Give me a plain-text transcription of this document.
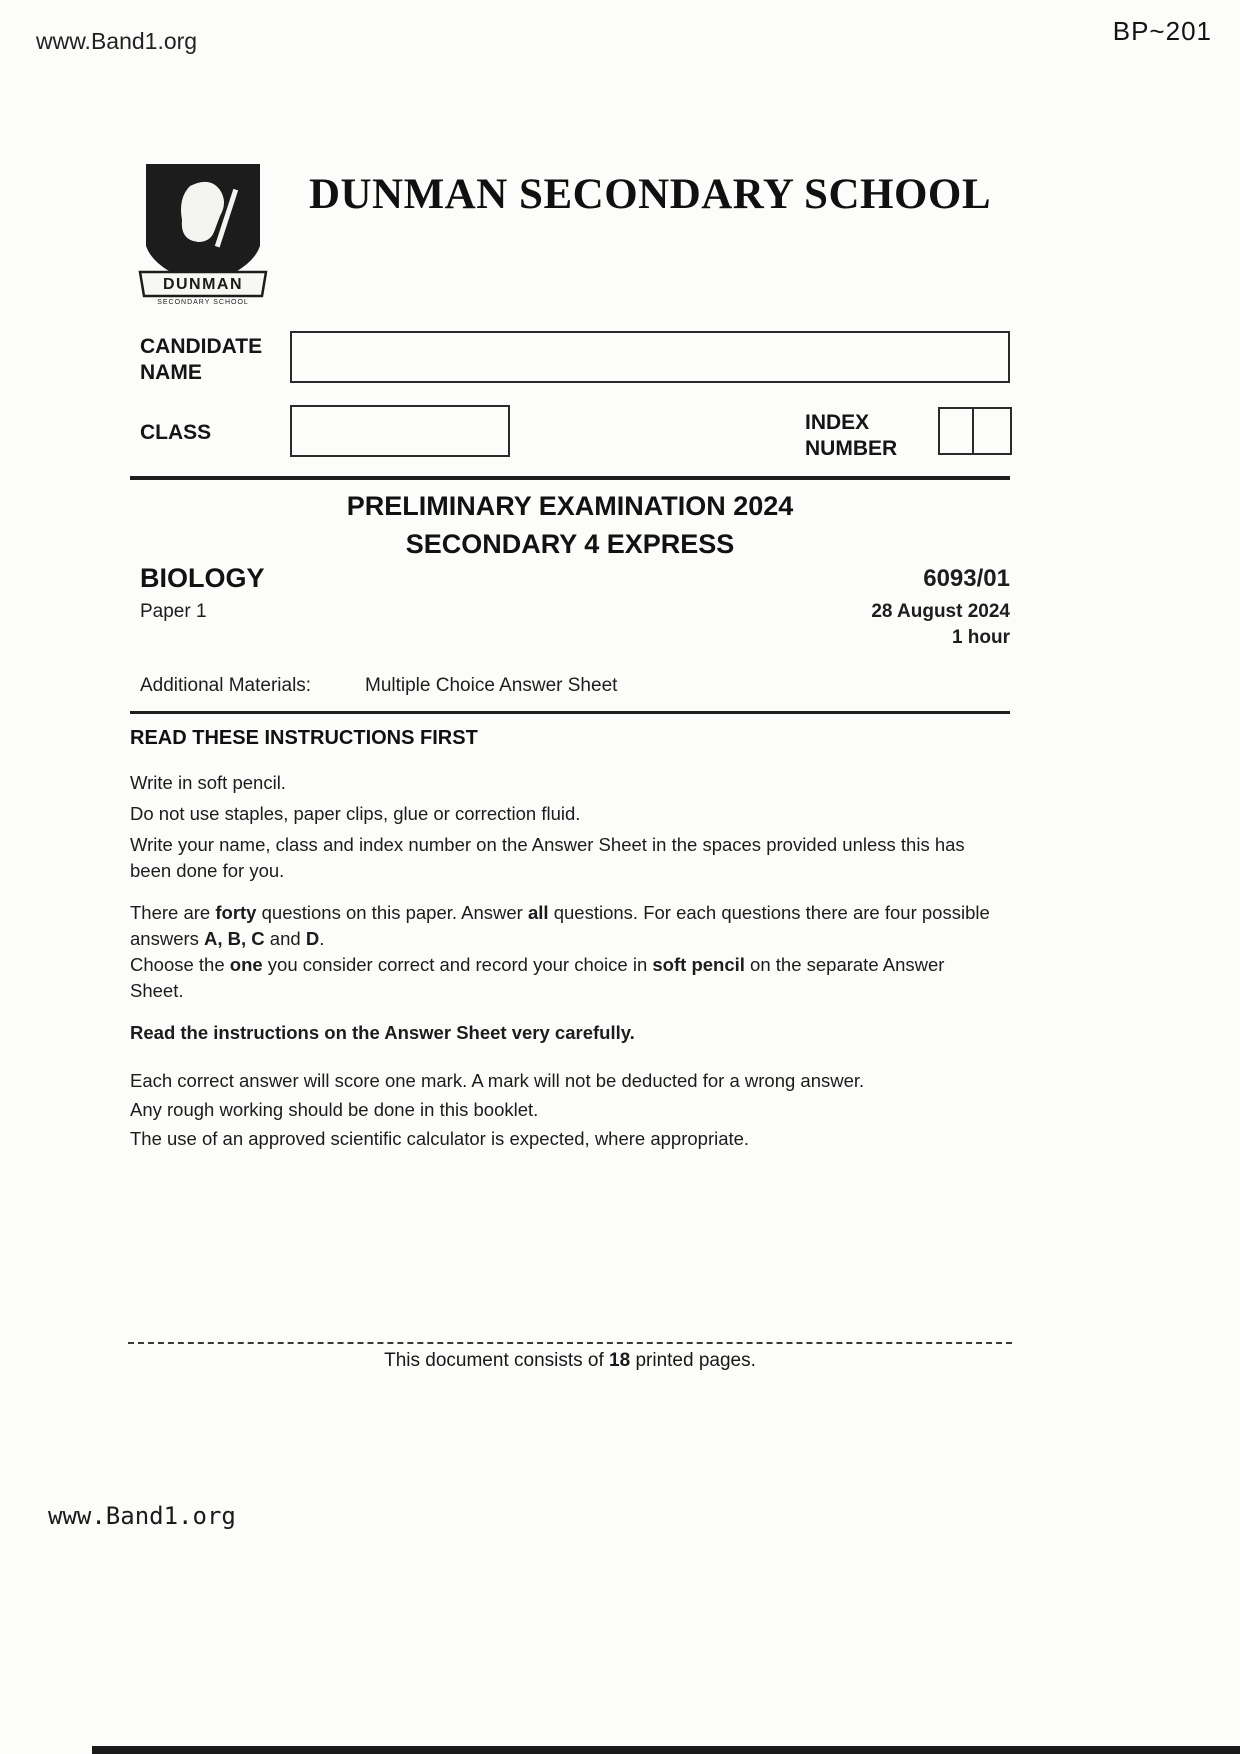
www.Band1.org	BP~201
DUNMAN
SECONDARY SCHOOL
DUNMAN SECONDARY SCHOOL
CANDIDATE
NAME
CLASS	INDEX
NUMBER
PRELIMINARY EXAMINATION 2024
SECONDARY 4 EXPRESS
BIOLOGY	6093/01
Paper 1	28 August 2024
1 hour
Additional Materials:	Multiple Choice Answer Sheet
READ THESE INSTRUCTIONS FIRST

Write in soft pencil.

Do not use staples, paper clips, glue or correction fluid.

Write your name, class and index number on the Answer Sheet in the spaces provided unless this has been done for you.

There are forty questions on this paper. Answer all questions. For each questions there are four possible answers A, B, C and D.

Choose the one you consider correct and record your choice in soft pencil on the separate Answer Sheet.

Read the instructions on the Answer Sheet very carefully.

Each correct answer will score one mark. A mark will not be deducted for a wrong answer.

Any rough working should be done in this booklet.

The use of an approved scientific calculator is expected, where appropriate.

This document consists of 18 printed pages.
www.Band1.org
